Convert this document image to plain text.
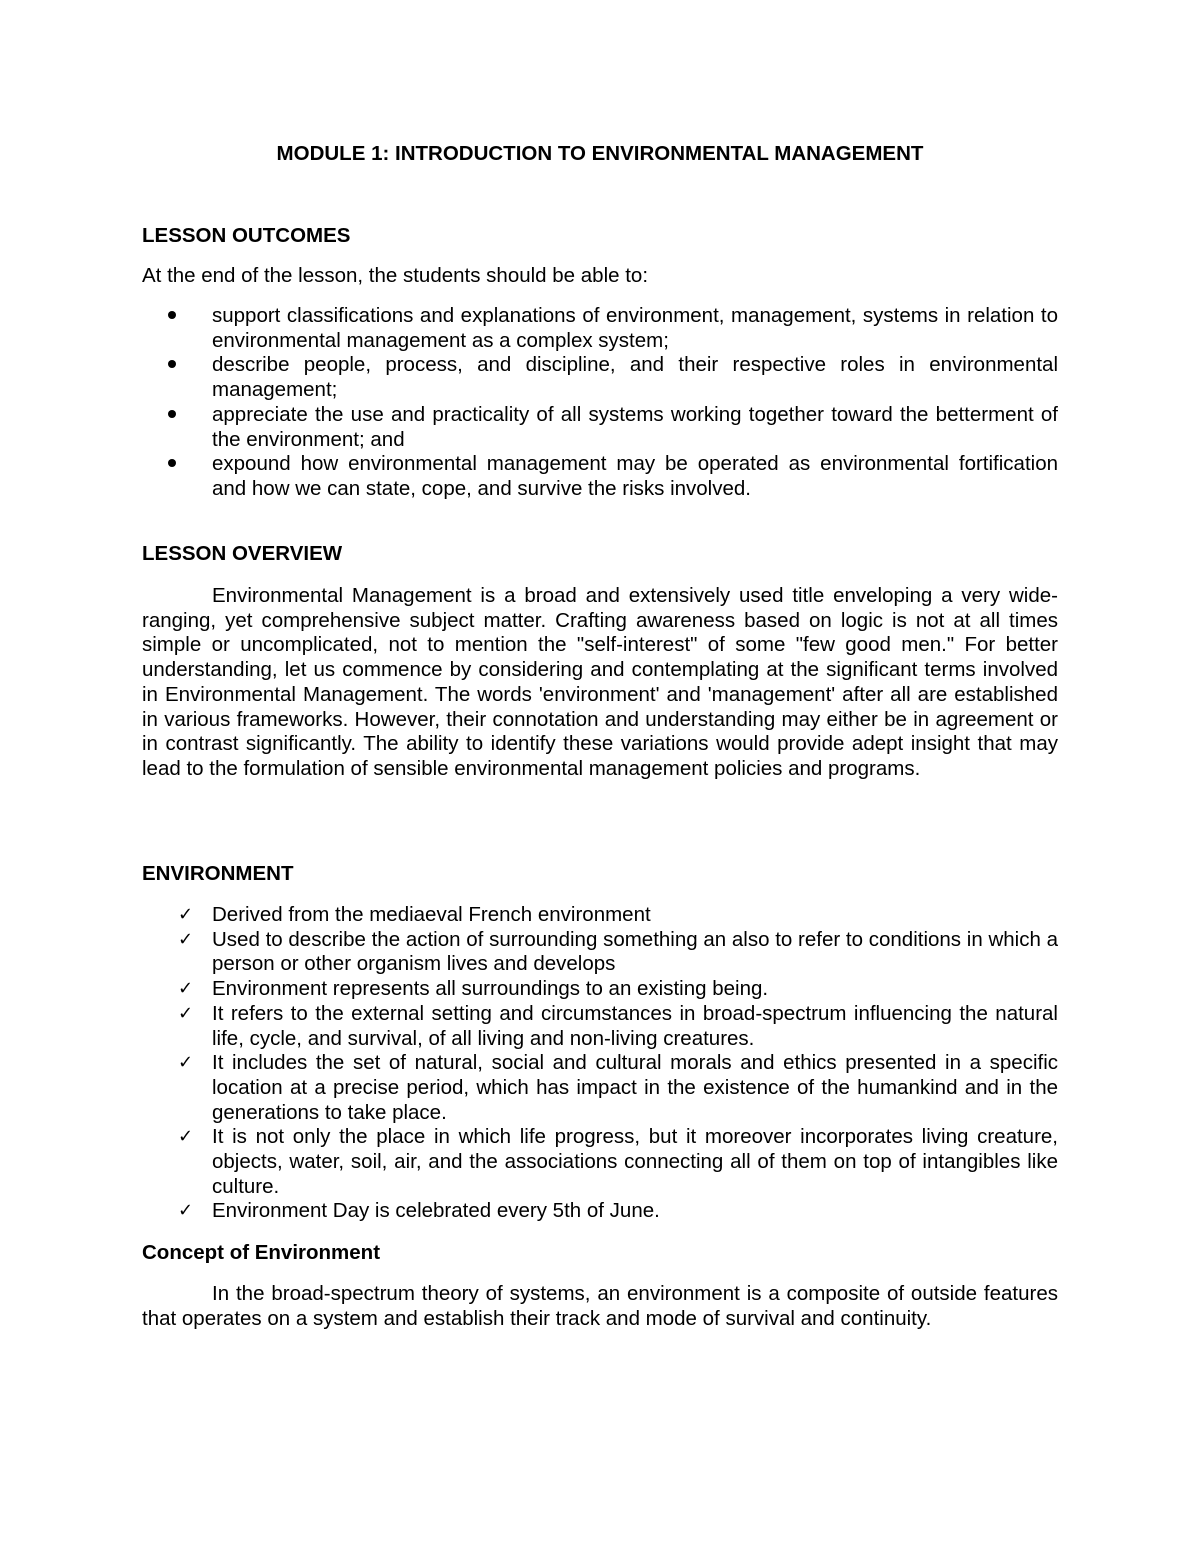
MODULE 1: INTRODUCTION TO ENVIRONMENTAL MANAGEMENT
LESSON OUTCOMES

At the end of the lesson, the students should be able to:

support classifications and explanations of environment, management, systems in relation to environmental management as a complex system;
describe people, process, and discipline, and their respective roles in environmental management;
appreciate the use and practicality of all systems working together toward the betterment of the environment; and
expound how environmental management may be operated as environmental fortification and how we can state, cope, and survive the risks involved.
LESSON OVERVIEW

Environmental Management is a broad and extensively used title enveloping a very wide-ranging, yet comprehensive subject matter. Crafting awareness based on logic is not at all times simple or uncomplicated, not to mention the "self-interest" of some "few good men." For better understanding, let us commence by considering and contemplating at the significant terms involved in Environmental Management. The words 'environment' and 'management' after all are established in various frameworks. However, their connotation and understanding may either be in agreement or in contrast significantly. The ability to identify these variations would provide adept insight that may lead to the formulation of sensible environmental management policies and programs.

ENVIRONMENT
✓ Derived from the mediaeval French environment
✓ Used to describe the action of surrounding something an also to refer to conditions in which a person or other organism lives and develops
✓ Environment represents all surroundings to an existing being.
✓ It refers to the external setting and circumstances in broad-spectrum influencing the natural life, cycle, and survival, of all living and non-living creatures.
✓ It includes the set of natural, social and cultural morals and ethics presented in a specific location at a precise period, which has impact in the existence of the humankind and in the generations to take place.
✓ It is not only the place in which life progress, but it moreover incorporates living creature, objects, water, soil, air, and the associations connecting all of them on top of intangibles like culture.
✓ Environment Day is celebrated every 5th of June.
Concept of Environment

In the broad-spectrum theory of systems, an environment is a composite of outside features that operates on a system and establish their track and mode of survival and continuity.
